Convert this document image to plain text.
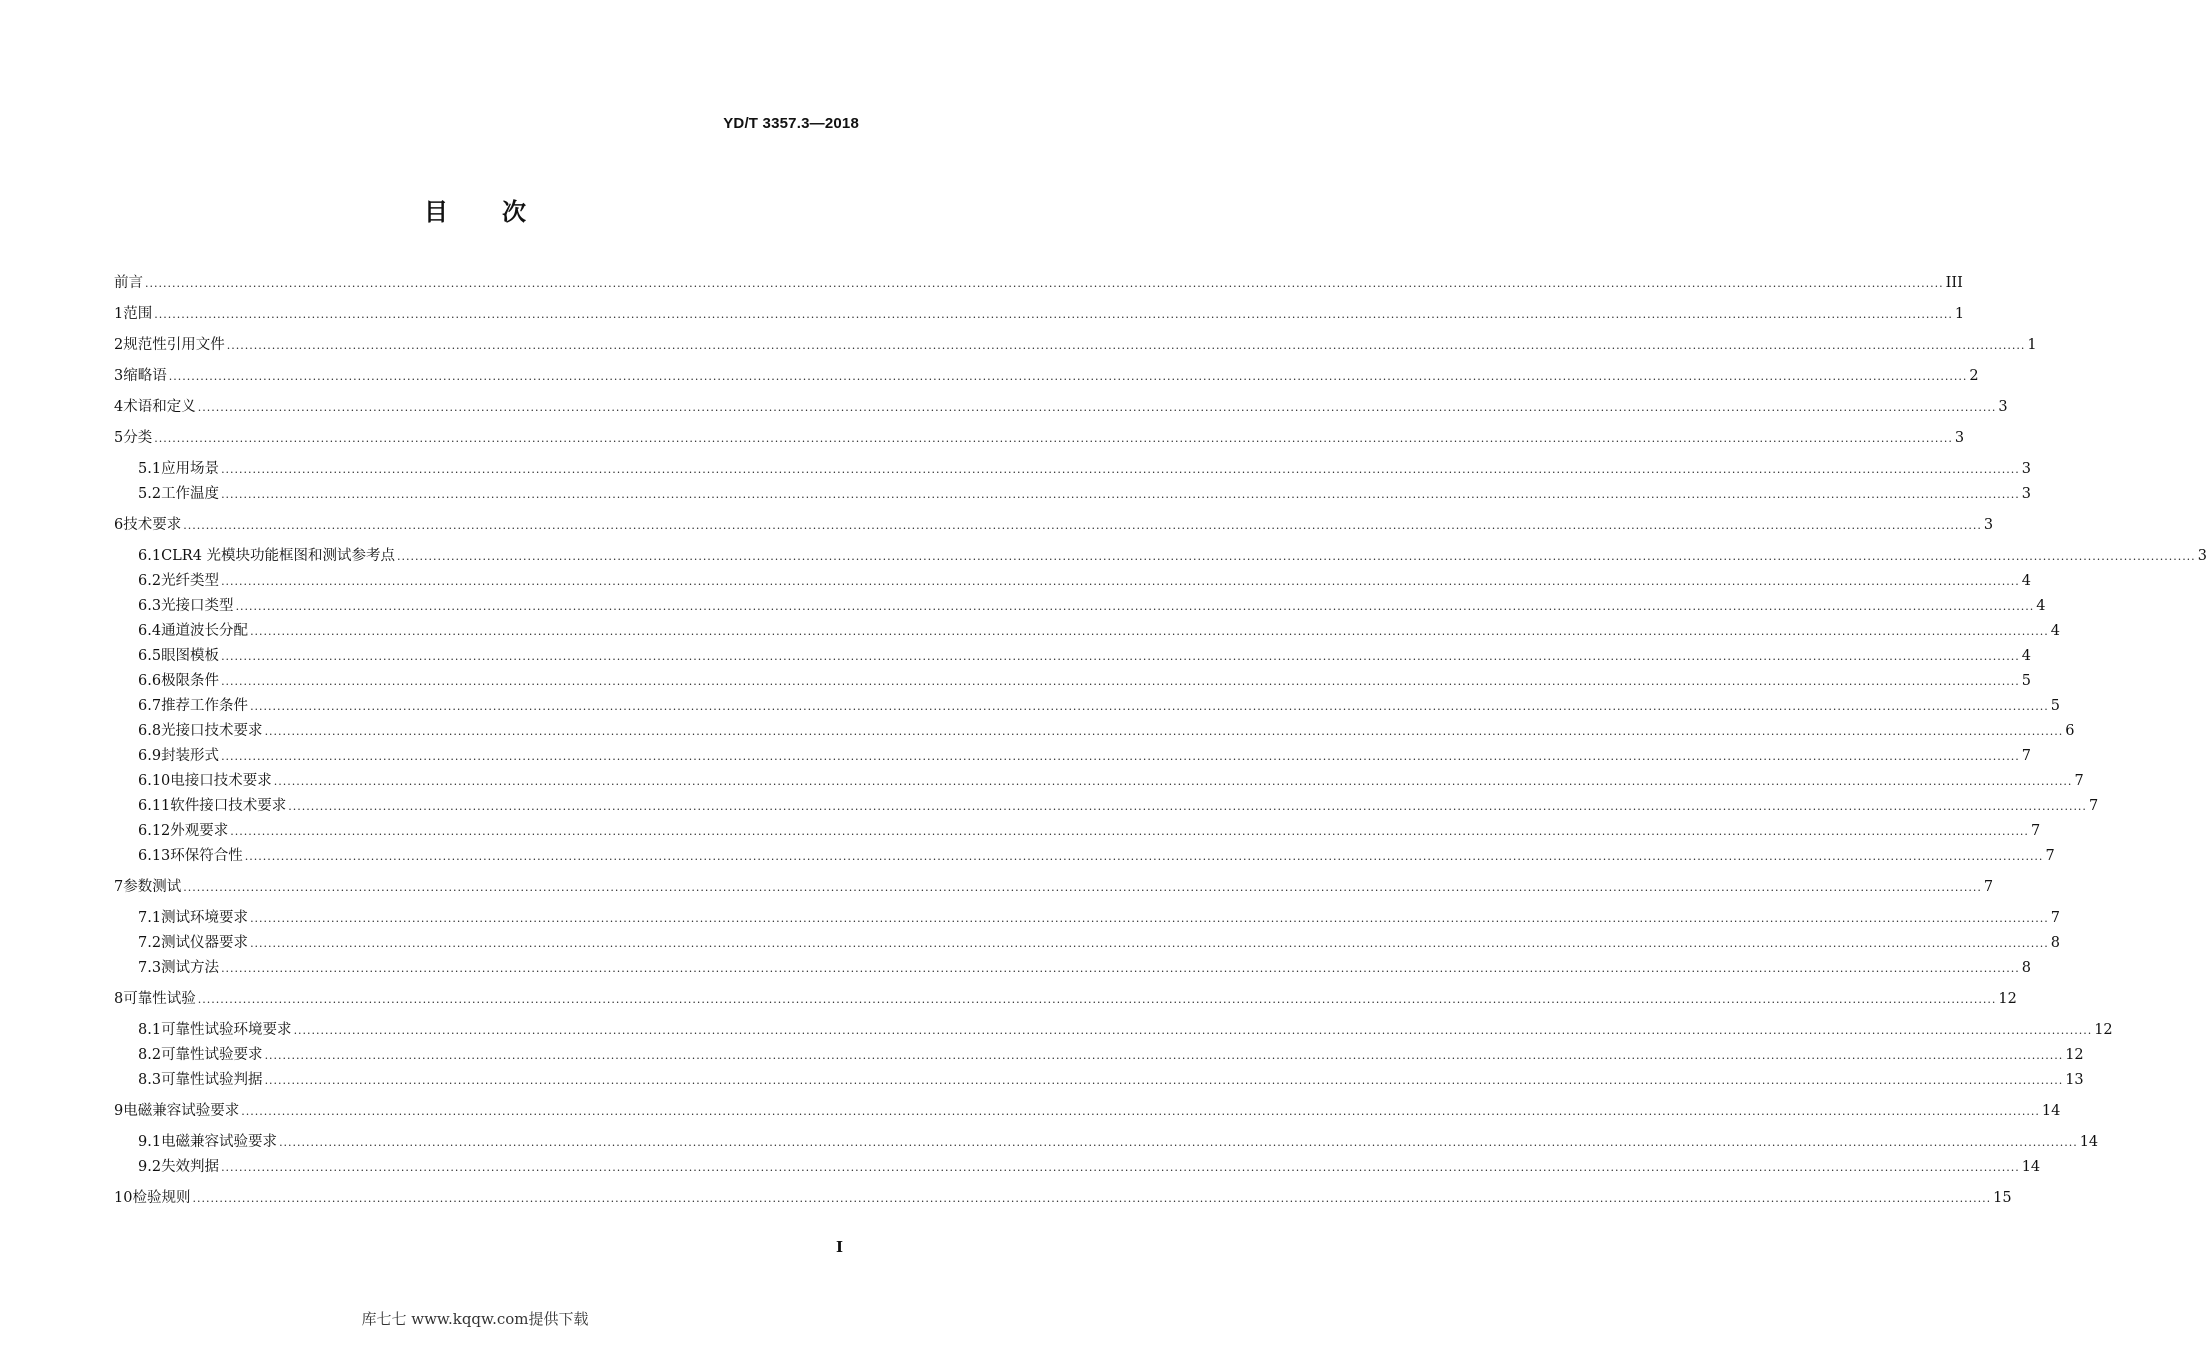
YD/T 3357.3—2018
目 次
前言 ................................................................................................................................................................................................................................................................................................................................................................................................................ III
1 范围 ................................................................................................................................................................................................................................................................................................................................................................................................................ 1
2 规范性引用文件 ................................................................................................................................................................................................................................................................................................................................................................................................................ 1
3 缩略语 ................................................................................................................................................................................................................................................................................................................................................................................................................ 2
4 术语和定义 ................................................................................................................................................................................................................................................................................................................................................................................................................ 3
5 分类 ................................................................................................................................................................................................................................................................................................................................................................................................................ 3
5.1 应用场景 ................................................................................................................................................................................................................................................................................................................................................................................................................ 3
5.2 工作温度 ................................................................................................................................................................................................................................................................................................................................................................................................................ 3
6 技术要求 ................................................................................................................................................................................................................................................................................................................................................................................................................ 3
6.1 CLR4 光模块功能框图和测试参考点 ................................................................................................................................................................................................................................................................................................................................................................................................................ 3
6.2 光纤类型 ................................................................................................................................................................................................................................................................................................................................................................................................................ 4
6.3 光接口类型 ................................................................................................................................................................................................................................................................................................................................................................................................................ 4
6.4 通道波长分配 ................................................................................................................................................................................................................................................................................................................................................................................................................ 4
6.5 眼图模板 ................................................................................................................................................................................................................................................................................................................................................................................................................ 4
6.6 极限条件 ................................................................................................................................................................................................................................................................................................................................................................................................................ 5
6.7 推荐工作条件 ................................................................................................................................................................................................................................................................................................................................................................................................................ 5
6.8 光接口技术要求 ................................................................................................................................................................................................................................................................................................................................................................................................................ 6
6.9 封装形式 ................................................................................................................................................................................................................................................................................................................................................................................................................ 7
6.10 电接口技术要求 ................................................................................................................................................................................................................................................................................................................................................................................................................ 7
6.11 软件接口技术要求 ................................................................................................................................................................................................................................................................................................................................................................................................................ 7
6.12 外观要求 ................................................................................................................................................................................................................................................................................................................................................................................................................ 7
6.13 环保符合性 ................................................................................................................................................................................................................................................................................................................................................................................................................ 7
7 参数测试 ................................................................................................................................................................................................................................................................................................................................................................................................................ 7
7.1 测试环境要求 ................................................................................................................................................................................................................................................................................................................................................................................................................ 7
7.2 测试仪器要求 ................................................................................................................................................................................................................................................................................................................................................................................................................ 8
7.3 测试方法 ................................................................................................................................................................................................................................................................................................................................................................................................................ 8
8 可靠性试验 ................................................................................................................................................................................................................................................................................................................................................................................................................ 12
8.1 可靠性试验环境要求 ................................................................................................................................................................................................................................................................................................................................................................................................................ 12
8.2 可靠性试验要求 ................................................................................................................................................................................................................................................................................................................................................................................................................ 12
8.3 可靠性试验判据 ................................................................................................................................................................................................................................................................................................................................................................................................................ 13
9 电磁兼容试验要求 ................................................................................................................................................................................................................................................................................................................................................................................................................ 14
9.1 电磁兼容试验要求 ................................................................................................................................................................................................................................................................................................................................................................................................................ 14
9.2 失效判据 ................................................................................................................................................................................................................................................................................................................................................................................................................ 14
10 检验规则 ................................................................................................................................................................................................................................................................................................................................................................................................................ 15
I
库七七 www.kqqw.com提供下载
